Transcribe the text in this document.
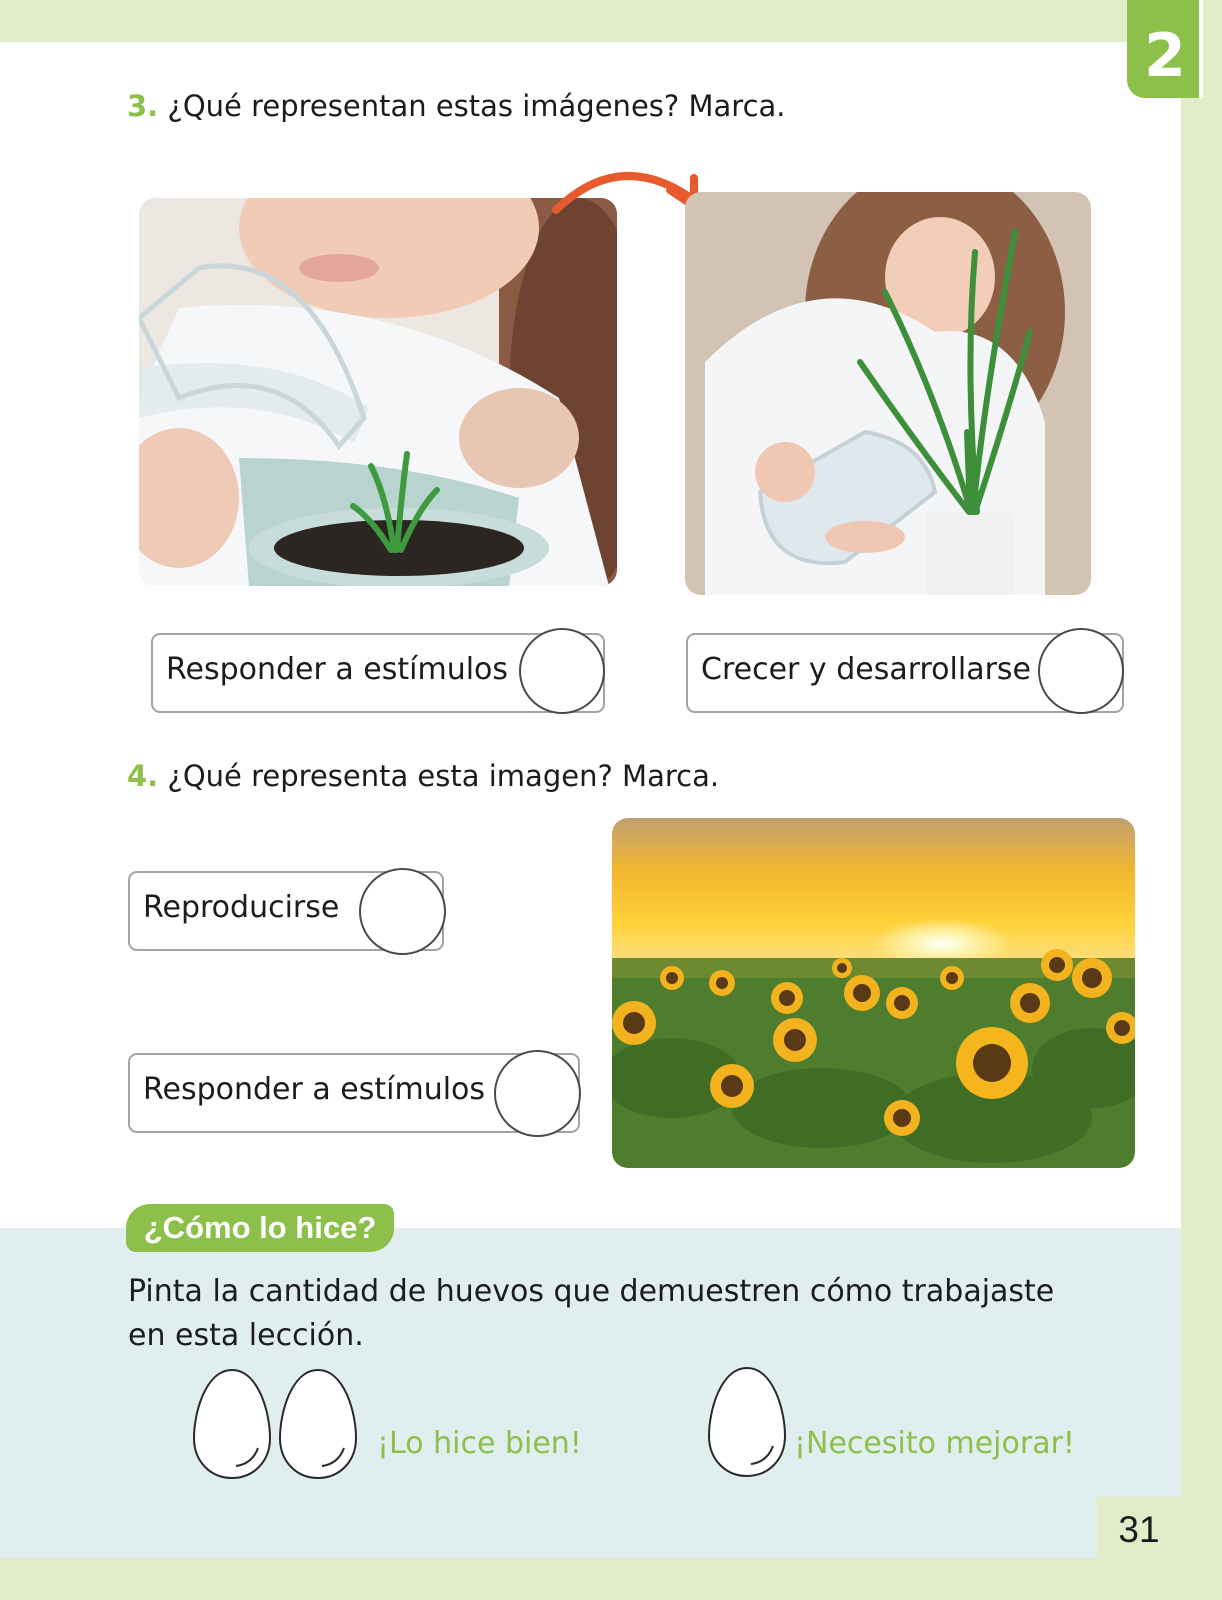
2
31
3. ¿Qué representan estas imágenes? Marca.
Responder a estímulos	Crecer y desarrollarse
4. ¿Qué representa esta imagen? Marca.
Reproducirse
Responder a estímulos
¿Cómo lo hice?
Pinta la cantidad de huevos que demuestren cómo trabajaste en esta lección.
¡Lo hice bien!	¡Necesito mejorar!
